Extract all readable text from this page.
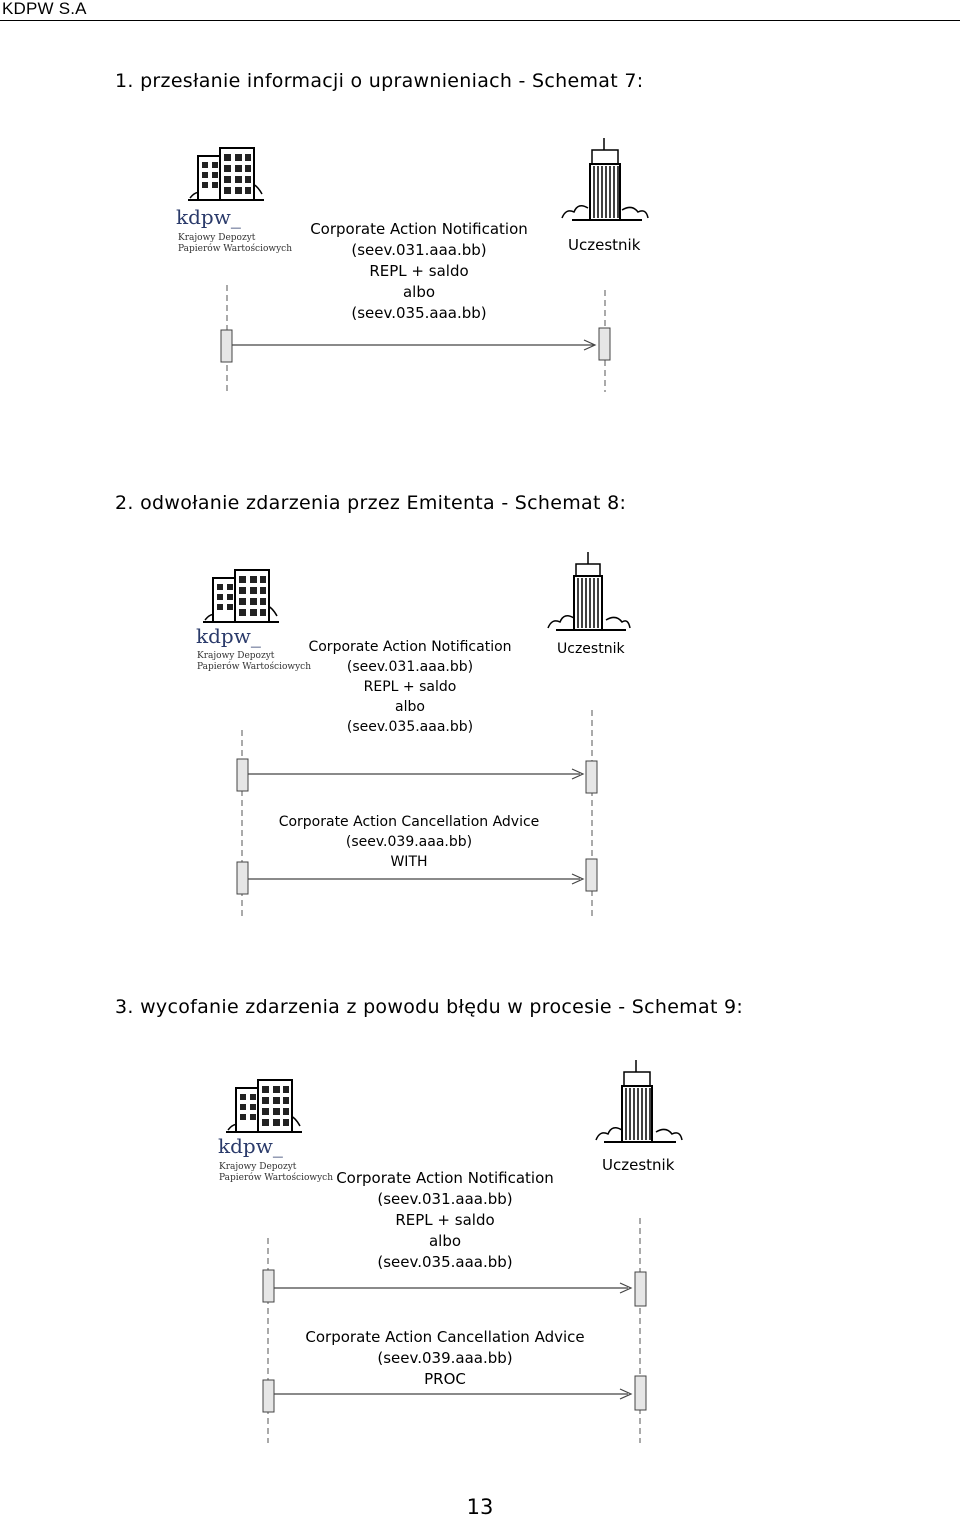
KDPW S.A
1. przesłanie informacji o uprawnieniach - Schemat 7:
kdpw_
Krajowy Depozyt
Papierów Wartościowych	Uczestnik
Corporate Action Notification
(seev.031.aaa.bb)
REPL + saldo
albo
(seev.035.aaa.bb)
2. odwołanie zdarzenia przez Emitenta - Schemat 8:
kdpw_
Krajowy Depozyt
Papierów Wartościowych
Uczestnik
Corporate Action Notification
(seev.031.aaa.bb)
REPL + saldo
albo
(seev.035.aaa.bb)
Corporate Action Cancellation Advice
(seev.039.aaa.bb)
WITH
3. wycofanie zdarzenia z powodu błędu w procesie - Schemat 9:
kdpw_
Krajowy Depozyt
Papierów Wartościowych
Uczestnik
Corporate Action Notification
(seev.031.aaa.bb)
REPL + saldo
albo
(seev.035.aaa.bb)
Corporate Action Cancellation Advice
(seev.039.aaa.bb)
PROC
13
